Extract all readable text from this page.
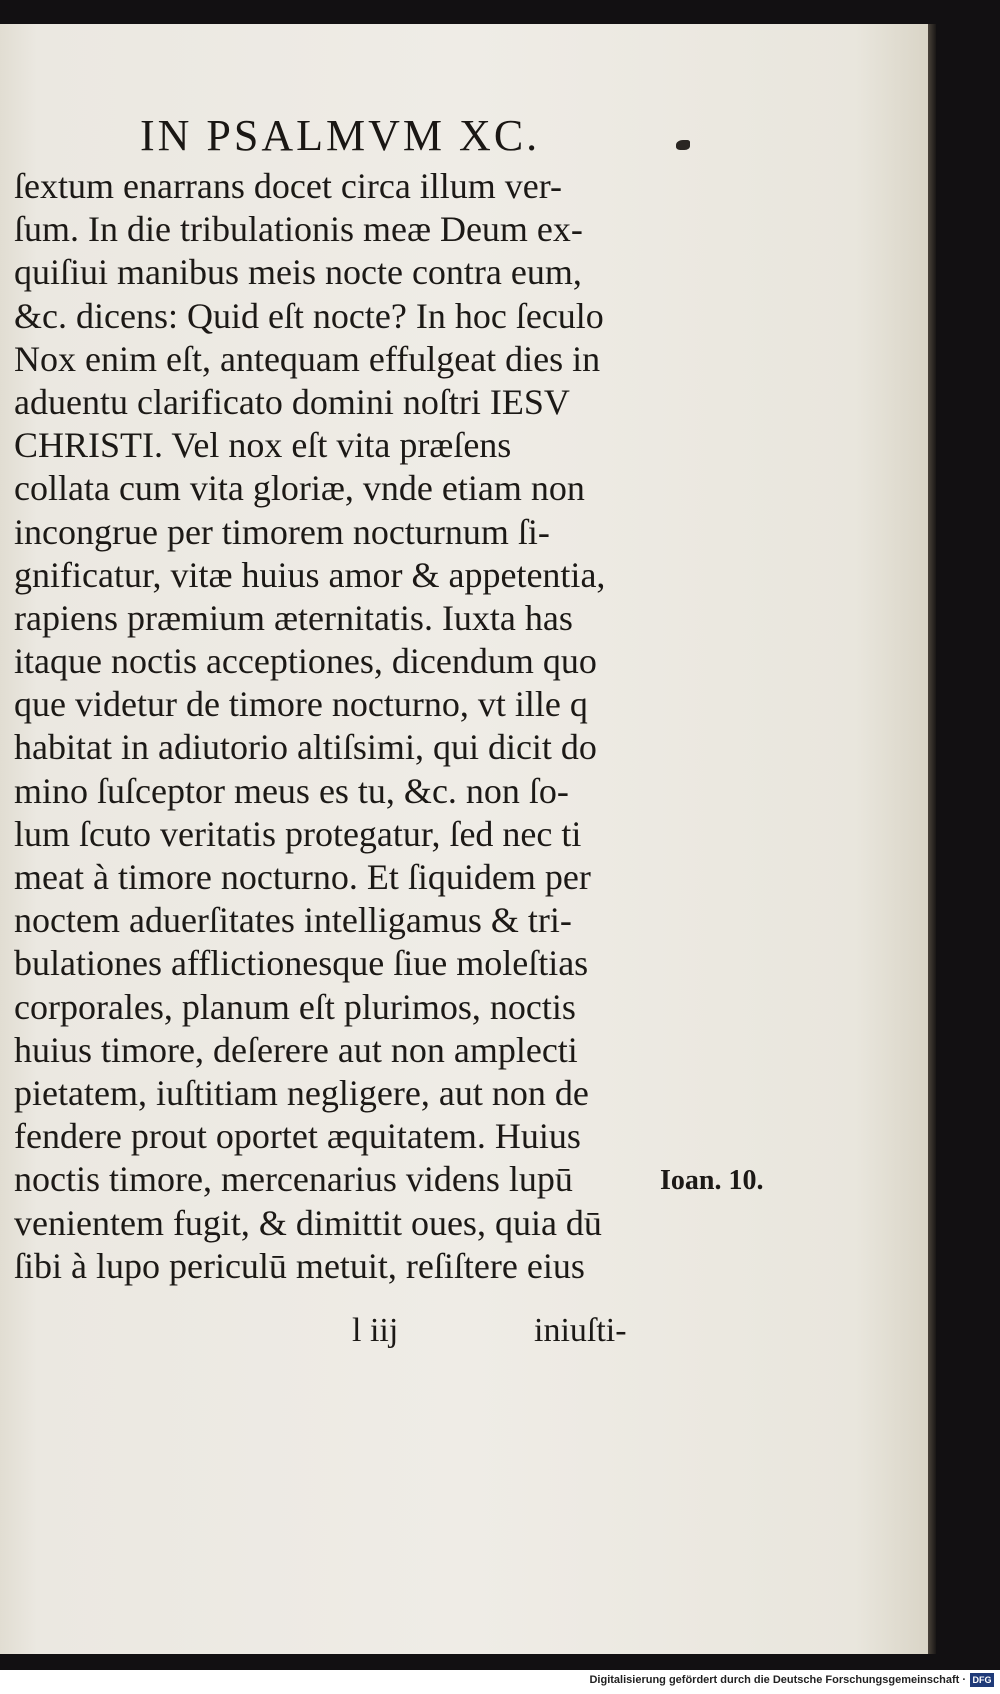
IN PSALMVM XC.
ſextum enarrans docet circa illum ver-
ſum. In die tribulationis meæ Deum ex-
quiſiui manibus meis nocte contra eum,
&c. dicens: Quid eſt nocte? In hoc ſeculo
Nox enim eſt, antequam effulgeat dies in
aduentu clarificato domini noſtri IESV
CHRISTI. Vel nox eſt vita præſens
collata cum vita gloriæ, vnde etiam non
incongrue per timorem nocturnum ſi-
gnificatur, vitæ huius amor & appetentia,
rapiens præmium æternitatis. Iuxta has
itaque noctis acceptiones, dicendum quo
que videtur de timore nocturno, vt ille q
habitat in adiutorio altiſsimi, qui dicit do
mino ſuſceptor meus es tu, &c. non ſo-
lum ſcuto veritatis protegatur, ſed nec ti
meat à timore nocturno. Et ſiquidem per
noctem aduerſitates intelligamus & tri-
bulationes afflictionesque ſiue moleſtias
corporales, planum eſt plurimos, noctis
huius timore, deſerere aut non amplecti
pietatem, iuſtitiam negligere, aut non de
fendere prout oportet æquitatem. Huius
noctis timore, mercenarius videns lupū
venientem fugit, & dimittit oues, quia dū
ſibi à lupo periculū metuit, reſiſtere eius
Ioan. 10.
l iij	iniuſti-
Digitalisierung gefördert durch die Deutsche Forschungsgemeinschaft · DFG
